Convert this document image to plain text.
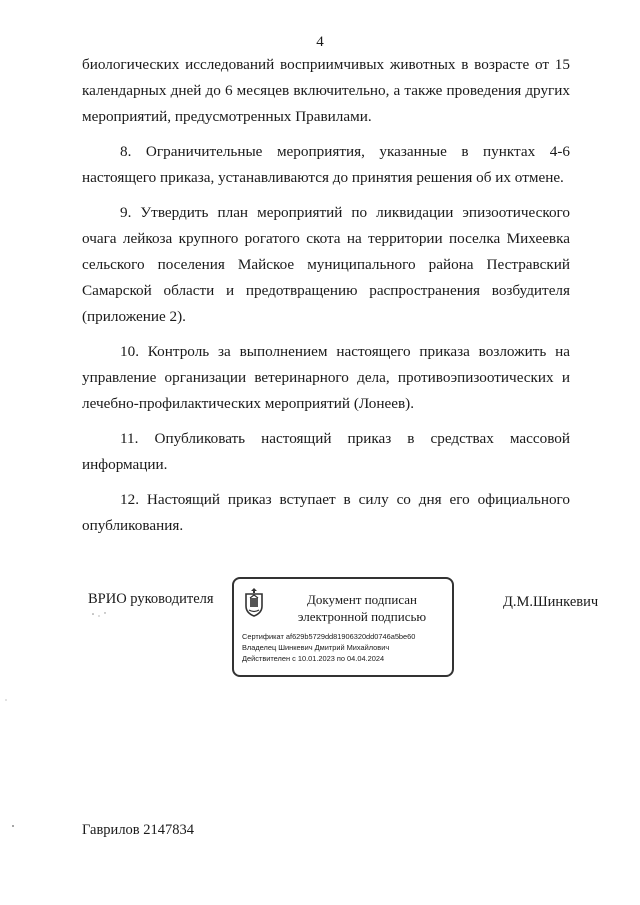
4

биологических исследований восприимчивых животных в возрасте от 15 календарных дней до 6 месяцев включительно, а также проведения других мероприятий, предусмотренных Правилами.

8. Ограничительные мероприятия, указанные в пунктах 4-6 настоящего приказа, устанавливаются до принятия решения об их отмене.

9. Утвердить план мероприятий по ликвидации эпизоотического очага лейкоза крупного рогатого скота на территории поселка Михеевка сельского поселения Майское муниципального района Пестравский Самарской области и предотвращению распространения возбудителя (приложение 2).

10. Контроль за выполнением настоящего приказа возложить на управление организации ветеринарного дела, противоэпизоотических и лечебно-профилактических мероприятий (Лонеев).

11. Опубликовать настоящий приказ в средствах массовой информации.

12. Настоящий приказ вступает в силу со дня его официального опубликования.

ВРИО руководителя	Документ подписан
электронной подписью
Сертификат af629b5729dd81906320dd0746a5be60
Владелец Шинкевич Дмитрий Михайлович
Действителен с 10.01.2023 по 04.04.2024
Д.М.Шинкевич
Гаврилов 2147834
